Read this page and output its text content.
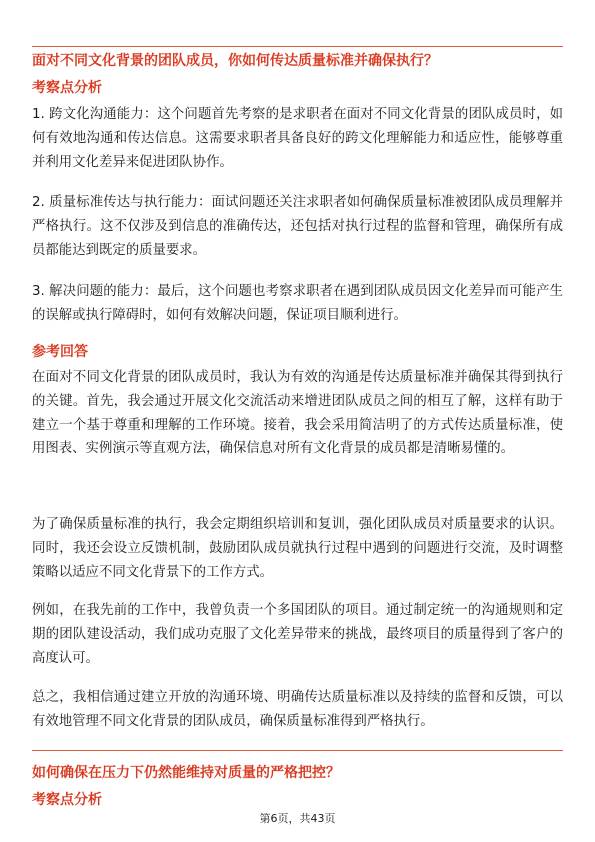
面对不同文化背景的团队成员，你如何传达质量标准并确保执行？
考察点分析
1. 跨文化沟通能力：这个问题首先考察的是求职者在面对不同文化背景的团队成员时，如何有效地沟通和传达信息。这需要求职者具备良好的跨文化理解能力和适应性，能够尊重并利用文化差异来促进团队协作。
2. 质量标准传达与执行能力：面试问题还关注求职者如何确保质量标准被团队成员理解并严格执行。这不仅涉及到信息的准确传达，还包括对执行过程的监督和管理，确保所有成员都能达到既定的质量要求。
3. 解决问题的能力：最后，这个问题也考察求职者在遇到团队成员因文化差异而可能产生的误解或执行障碍时，如何有效解决问题，保证项目顺利进行。
参考回答
在面对不同文化背景的团队成员时，我认为有效的沟通是传达质量标准并确保其得到执行的关键。首先，我会通过开展文化交流活动来增进团队成员之间的相互了解，这样有助于建立一个基于尊重和理解的工作环境。接着，我会采用简洁明了的方式传达质量标准，使用图表、实例演示等直观方法，确保信息对所有文化背景的成员都是清晰易懂的。
为了确保质量标准的执行，我会定期组织培训和复训，强化团队成员对质量要求的认识。同时，我还会设立反馈机制，鼓励团队成员就执行过程中遇到的问题进行交流，及时调整策略以适应不同文化背景下的工作方式。
例如，在我先前的工作中，我曾负责一个多国团队的项目。通过制定统一的沟通规则和定期的团队建设活动，我们成功克服了文化差异带来的挑战，最终项目的质量得到了客户的高度认可。
总之，我相信通过建立开放的沟通环境、明确传达质量标准以及持续的监督和反馈，可以有效地管理不同文化背景的团队成员，确保质量标准得到严格执行。
如何确保在压力下仍然能维持对质量的严格把控？
考察点分析
第6页，共43页
